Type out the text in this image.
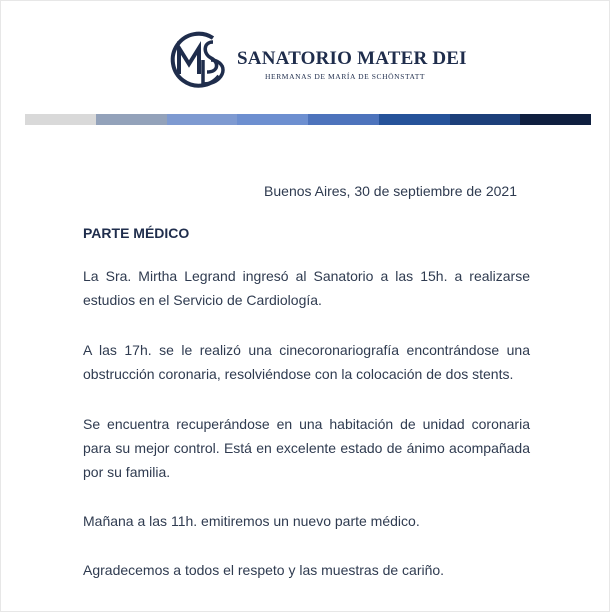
SANATORIO MATER DEI
HERMANAS DE MARÍA DE SCHÖNSTATT
Buenos Aires, 30 de septiembre de 2021
PARTE MÉDICO

La Sra. Mirtha Legrand ingresó al Sanatorio a las 15h. a realizarse estudios en el Servicio de Cardiología.

A las 17h. se le realizó una cinecoronariografía encontrándose una obstrucción coronaria, resolviéndose con la colocación de dos stents.

Se encuentra recuperándose en una habitación de unidad coronaria para su mejor control. Está en excelente estado de ánimo acompañada por su familia.

Mañana a las 11h. emitiremos un nuevo parte médico.

Agradecemos a todos el respeto y las muestras de cariño.
